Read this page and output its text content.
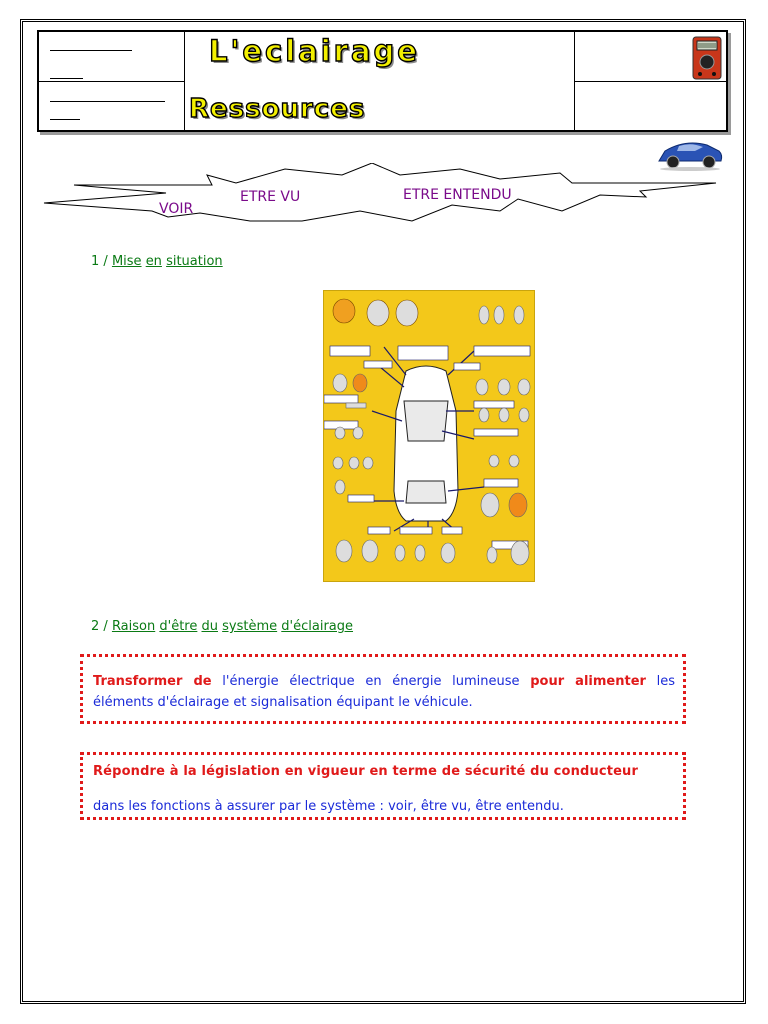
L'eclairage
Ressources
VOIR
ETRE VU	ETRE ENTENDU
1 / Mise en situation
2 / Raison d'être du système d'éclairage
Transformer de l'énergie électrique en énergie lumineuse pour alimenter les éléments d'éclairage et signalisation équipant le véhicule.
Répondre à la législation en vigueur en terme de sécurité du conducteur
dans les fonctions à assurer par le système : voir, être vu, être entendu.
